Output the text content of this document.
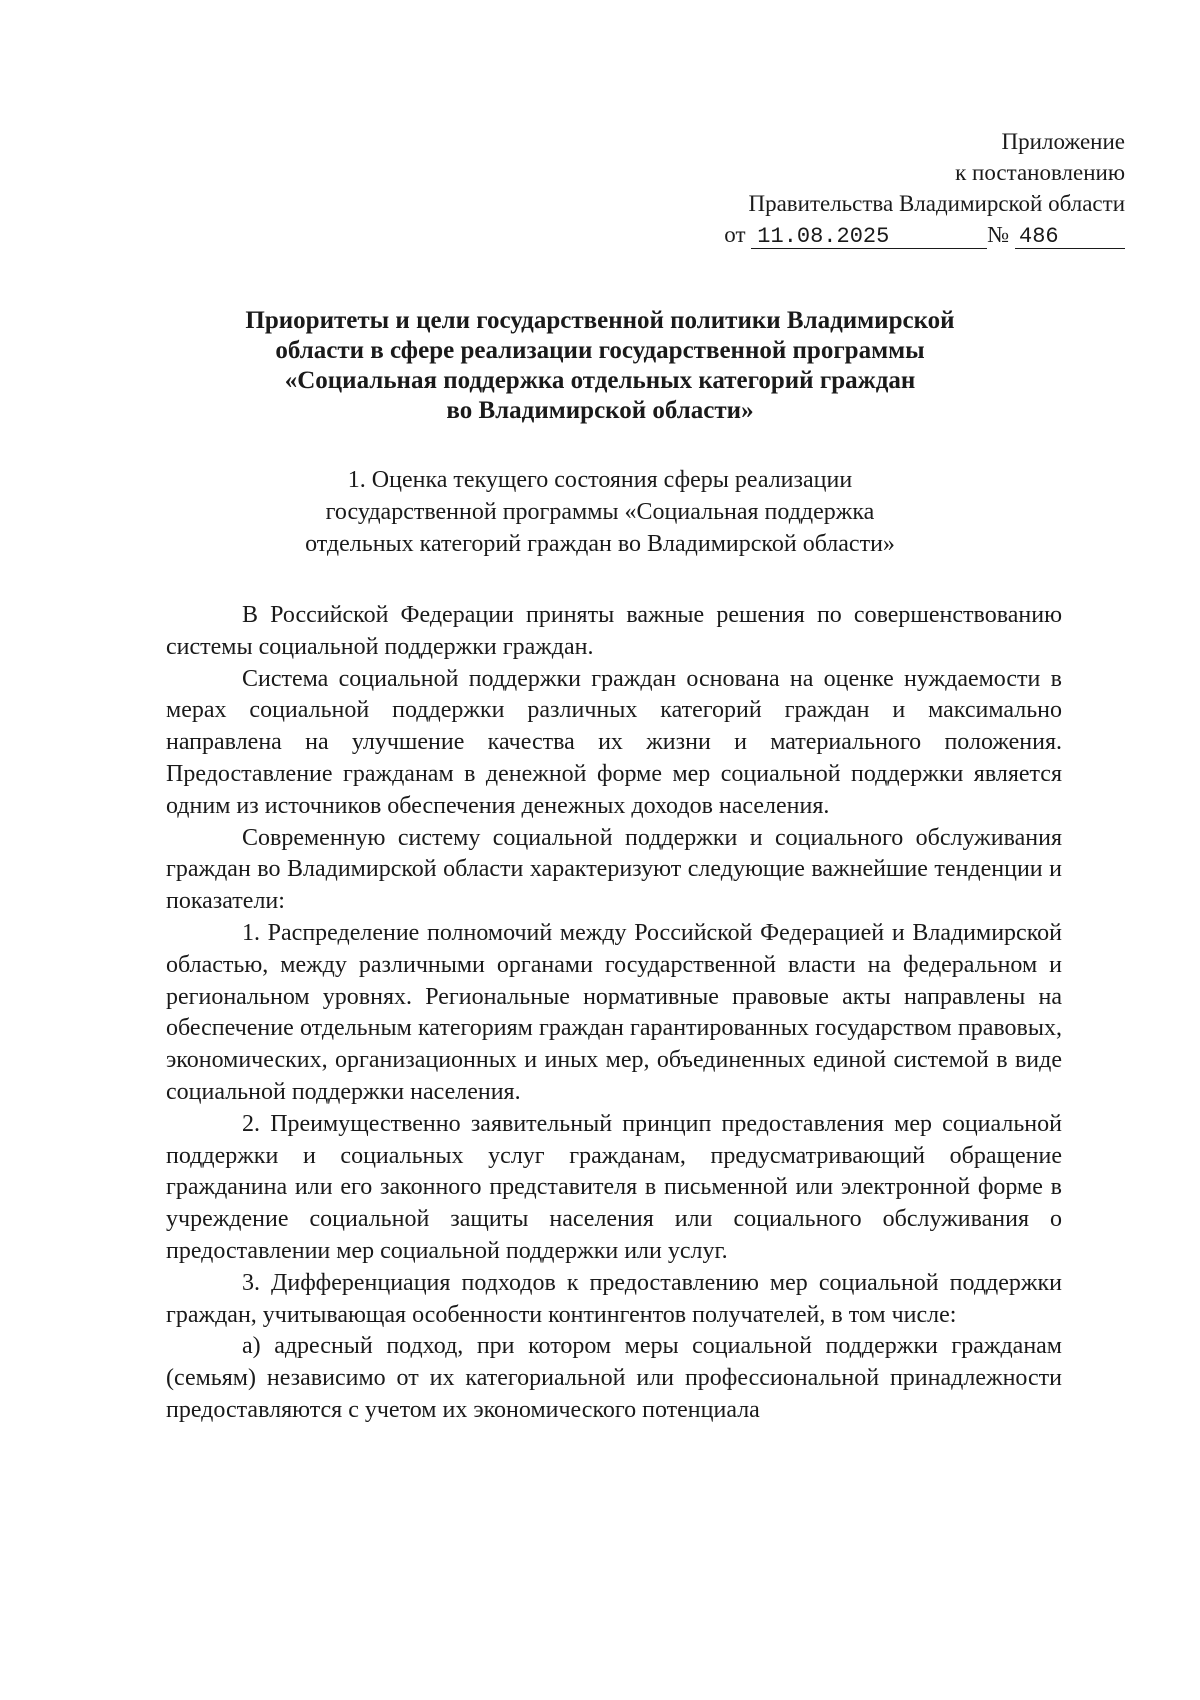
Приложение
к постановлению
Правительства Владимирской области
от 11.08.2025	№ 486
Приоритеты и цели государственной политики Владимирской
области в сфере реализации государственной программы
«Социальная поддержка отдельных категорий граждан
во Владимирской области»
1. Оценка текущего состояния сферы реализации
государственной программы «Социальная поддержка
отдельных категорий граждан во Владимирской области»

В Российской Федерации приняты важные решения по совершенствованию системы социальной поддержки граждан.

Система социальной поддержки граждан основана на оценке нуждаемости в мерах социальной поддержки различных категорий граждан и максимально направлена на улучшение качества их жизни и материального положения. Предоставление гражданам в денежной форме мер социальной поддержки является одним из источников обеспечения денежных доходов населения.

Современную систему социальной поддержки и социального обслуживания граждан во Владимирской области характеризуют следующие важнейшие тенденции и показатели:

1. Распределение полномочий между Российской Федерацией и Владимирской областью, между различными органами государственной власти на федеральном и региональном уровнях. Региональные нормативные правовые акты направлены на обеспечение отдельным категориям граждан гарантированных государством правовых, экономических, организационных и иных мер, объединенных единой системой в виде социальной поддержки населения.

2. Преимущественно заявительный принцип предоставления мер социальной поддержки и социальных услуг гражданам, предусматривающий обращение гражданина или его законного представителя в письменной или электронной форме в учреждение социальной защиты населения или социального обслуживания о предоставлении мер социальной поддержки или услуг.

3. Дифференциация подходов к предоставлению мер социальной поддержки граждан, учитывающая особенности контингентов получателей, в том числе:

а) адресный подход, при котором меры социальной поддержки гражданам (семьям) независимо от их категориальной или профессиональной принадлежности предоставляются с учетом их экономического потенциала
